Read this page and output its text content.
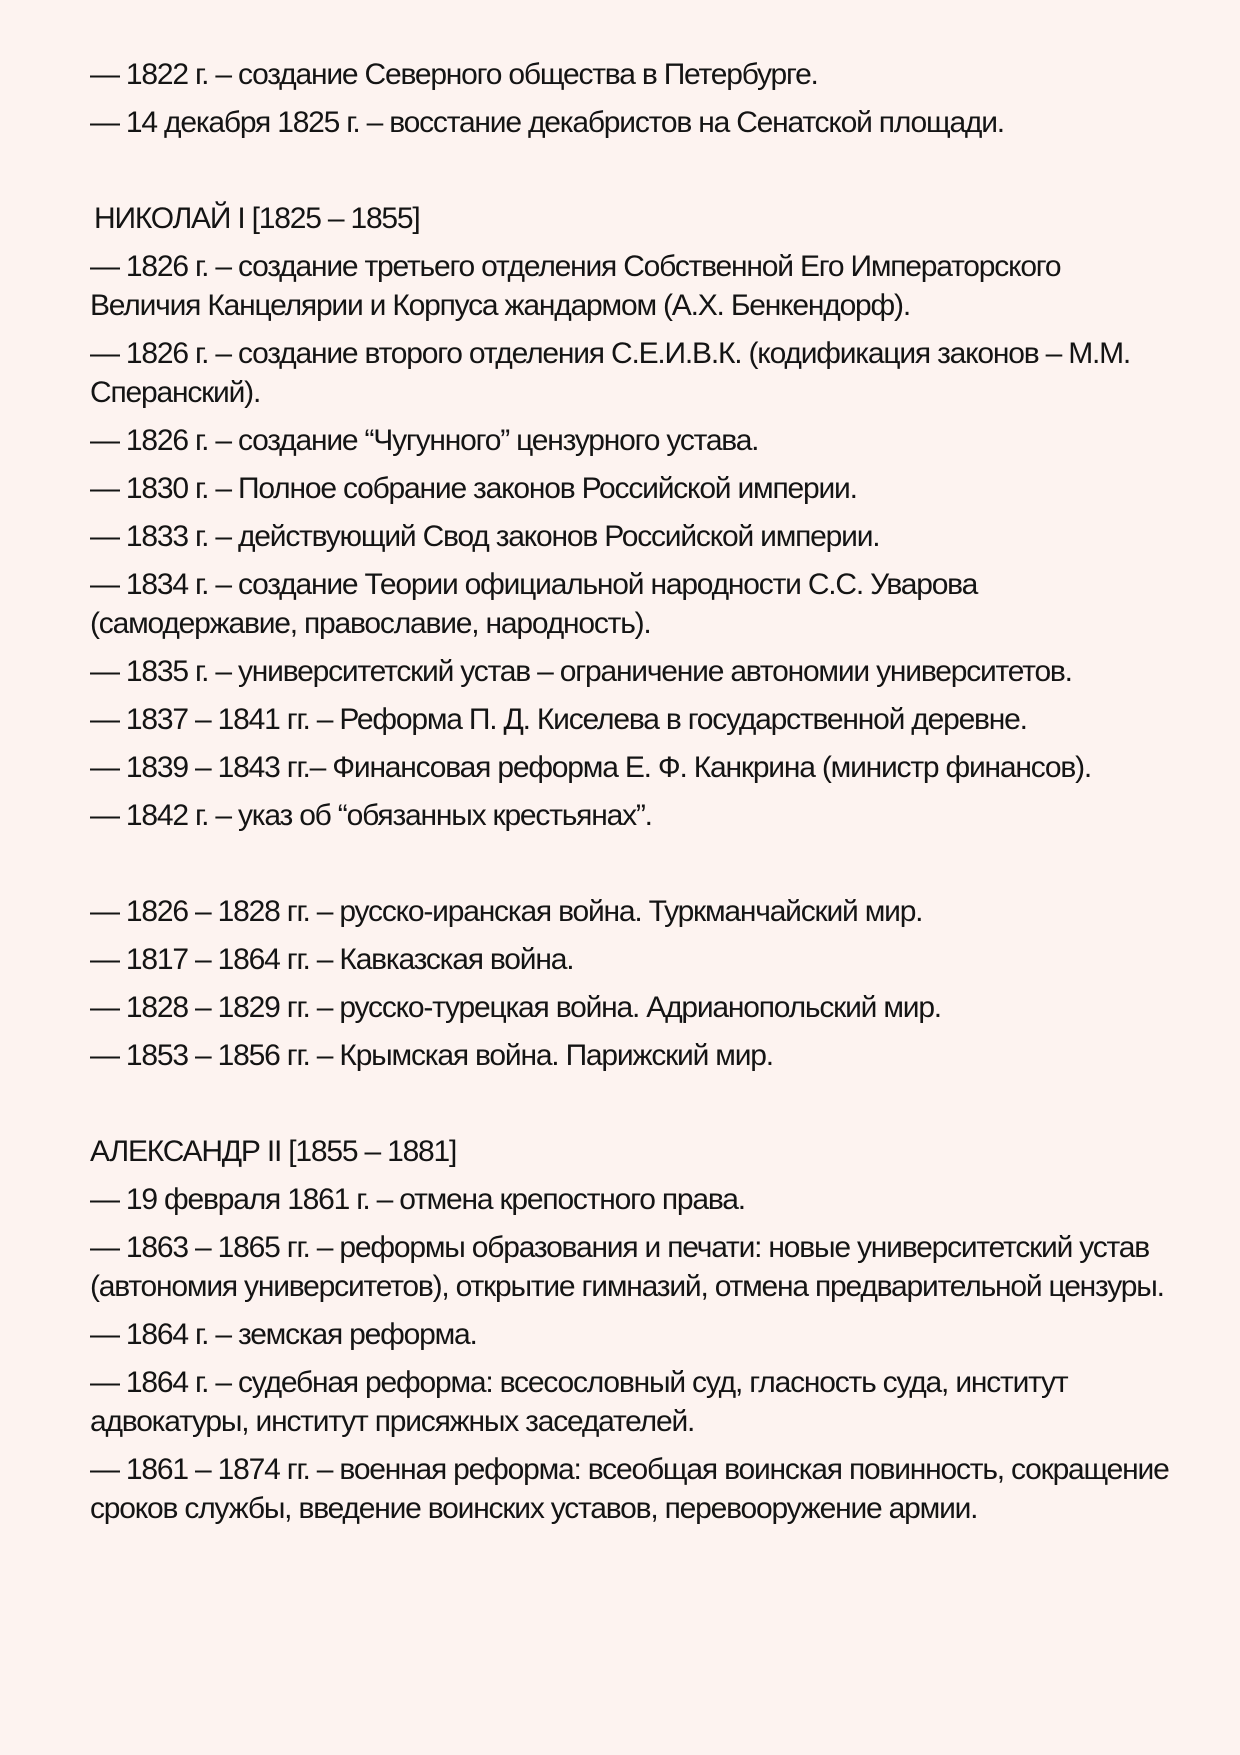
— 1822 г. – создание Северного общества в Петербурге.

— 14 декабря 1825 г. – восстание декабристов на Сенатской площади.

НИКОЛАЙ I [1825 – 1855]

— 1826 г. – создание третьего отделения Собственной Его Императорского Величия Канцелярии и Корпуса жандармом (А.Х. Бенкендорф).

— 1826 г. – создание второго отделения С.Е.И.В.К. (кодификация законов – М.М. Сперанский).

— 1826 г. – создание “Чугунного” цензурного устава.

— 1830 г. – Полное собрание законов Российской империи.

— 1833 г. – действующий Свод законов Российской империи.

— 1834 г. – создание Теории официальной народности С.С. Уварова (самодержавие, православие, народность).

— 1835 г. – университетский устав – ограничение автономии университетов.

— 1837 – 1841 гг. – Реформа П. Д. Киселева в государственной деревне.

— 1839 – 1843 гг.– Финансовая реформа Е. Ф. Канкрина (министр финансов).

— 1842 г. – указ об “обязанных крестьянах”.

— 1826 – 1828 гг. – русско-иранская война. Туркманчайский мир.

— 1817 – 1864 гг. – Кавказская война.

— 1828 – 1829 гг. – русско-турецкая война. Адрианопольский мир.

— 1853 – 1856 гг. – Крымская война. Парижский мир.

АЛЕКСАНДР II [1855 – 1881]

— 19 февраля 1861 г. – отмена крепостного права.

— 1863 – 1865 гг. – реформы образования и печати: новые университетский устав (автономия университетов), открытие гимназий, отмена предварительной цензуры.

— 1864 г. – земская реформа.

— 1864 г. – судебная реформа: всесословный суд, гласность суда, институт адвокатуры, институт присяжных заседателей.

— 1861 – 1874 гг. – военная реформа: всеобщая воинская повинность, сокращение сроков службы, введение воинских уставов, перевооружение армии.
